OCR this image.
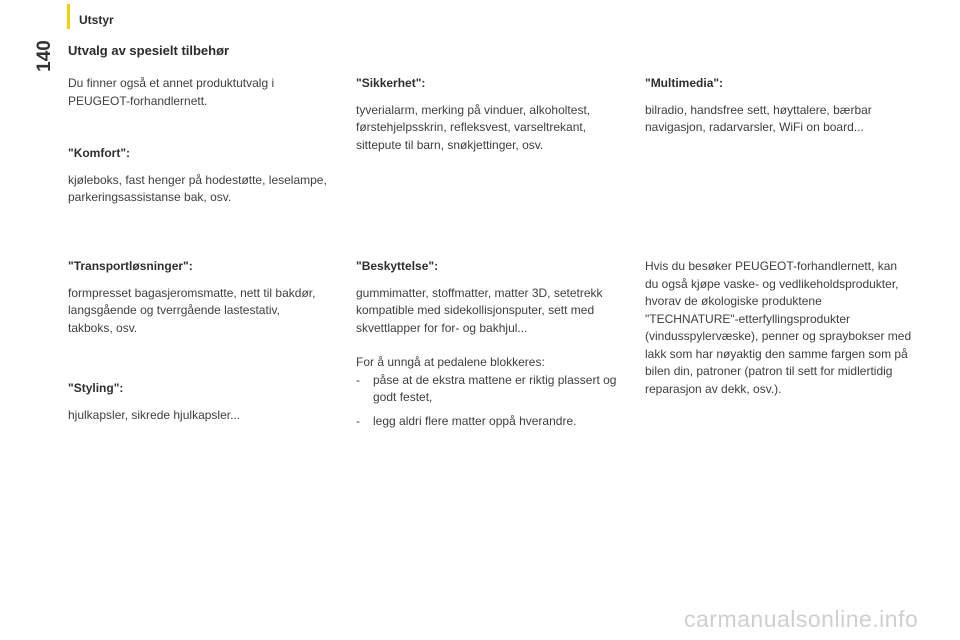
Utstyr
140 Utvalg av spesielt tilbehør

Du finner også et annet produktutvalg i PEUGEOT-forhandlernett.

"Komfort":

kjøleboks, fast henger på hodestøtte, leselampe, parkeringsassistanse bak, osv.

"Transportløsninger":

formpresset bagasjeromsmatte, nett til bakdør, langsgående og tverrgående lastestativ, takboks, osv.

"Styling":

hjulkapsler, sikrede hjulkapsler...

"Sikkerhet":

tyverialarm, merking på vinduer, alkoholtest, førstehjelpsskrin, refleksvest, varseltrekant, sittepute til barn, snøkjettinger, osv.

"Beskyttelse":

gummimatter, stoffmatter, matter 3D, setetrekk kompatible med sidekollisjonsputer, sett med skvettlapper for for- og bakhjul...

For å unngå at pedalene blokkeres:

- påse at de ekstra mattene er riktig plassert og godt festet,
- legg aldri flere matter oppå hverandre.

"Multimedia":

bilradio, handsfree sett, høyttalere, bærbar navigasjon, radarvarsler, WiFi on board...

Hvis du besøker PEUGEOT-forhandlernett, kan du også kjøpe vaske- og vedlikeholdsprodukter, hvorav de økologiske produktene "TECHNATURE"-etterfyllingsprodukter (vindusspylervæske), penner og spraybokser med lakk som har nøyaktig den samme fargen som på bilen din, patroner (patron til sett for midlertidig reparasjon av dekk, osv.).

carmanualsonline.info
